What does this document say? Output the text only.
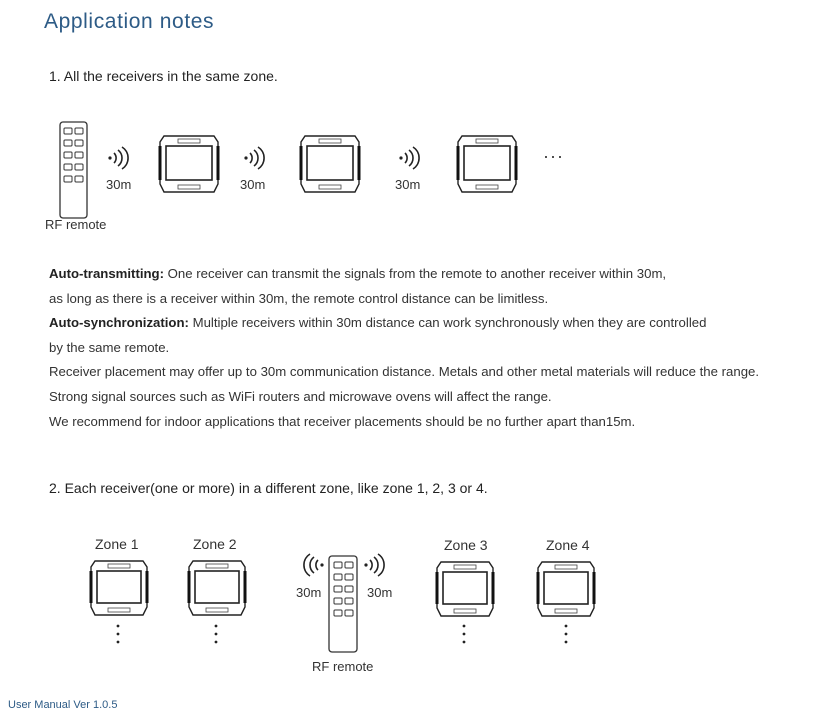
Application notes
1. All the receivers in the same zone.
30m	30m	30m
···
RF remote
Auto-transmitting: One receiver can transmit the signals from the remote to another receiver within 30m,
as long as there is a receiver within 30m, the remote control distance can be limitless.
Auto-synchronization: Multiple receivers within 30m distance can work synchronously when they are controlled
by the same remote.
Receiver placement may offer up to 30m communication distance. Metals and other metal materials will reduce the range.
Strong signal sources such as WiFi routers and microwave ovens will affect the range.
We recommend for indoor applications that receiver placements should be no further apart than15m.
2. Each receiver(one or more) in a different zone, like zone 1, 2, 3 or 4.
Zone 1	Zone 2	Zone 3	Zone 4
30m	30m
RF remote
User Manual Ver 1.0.5
